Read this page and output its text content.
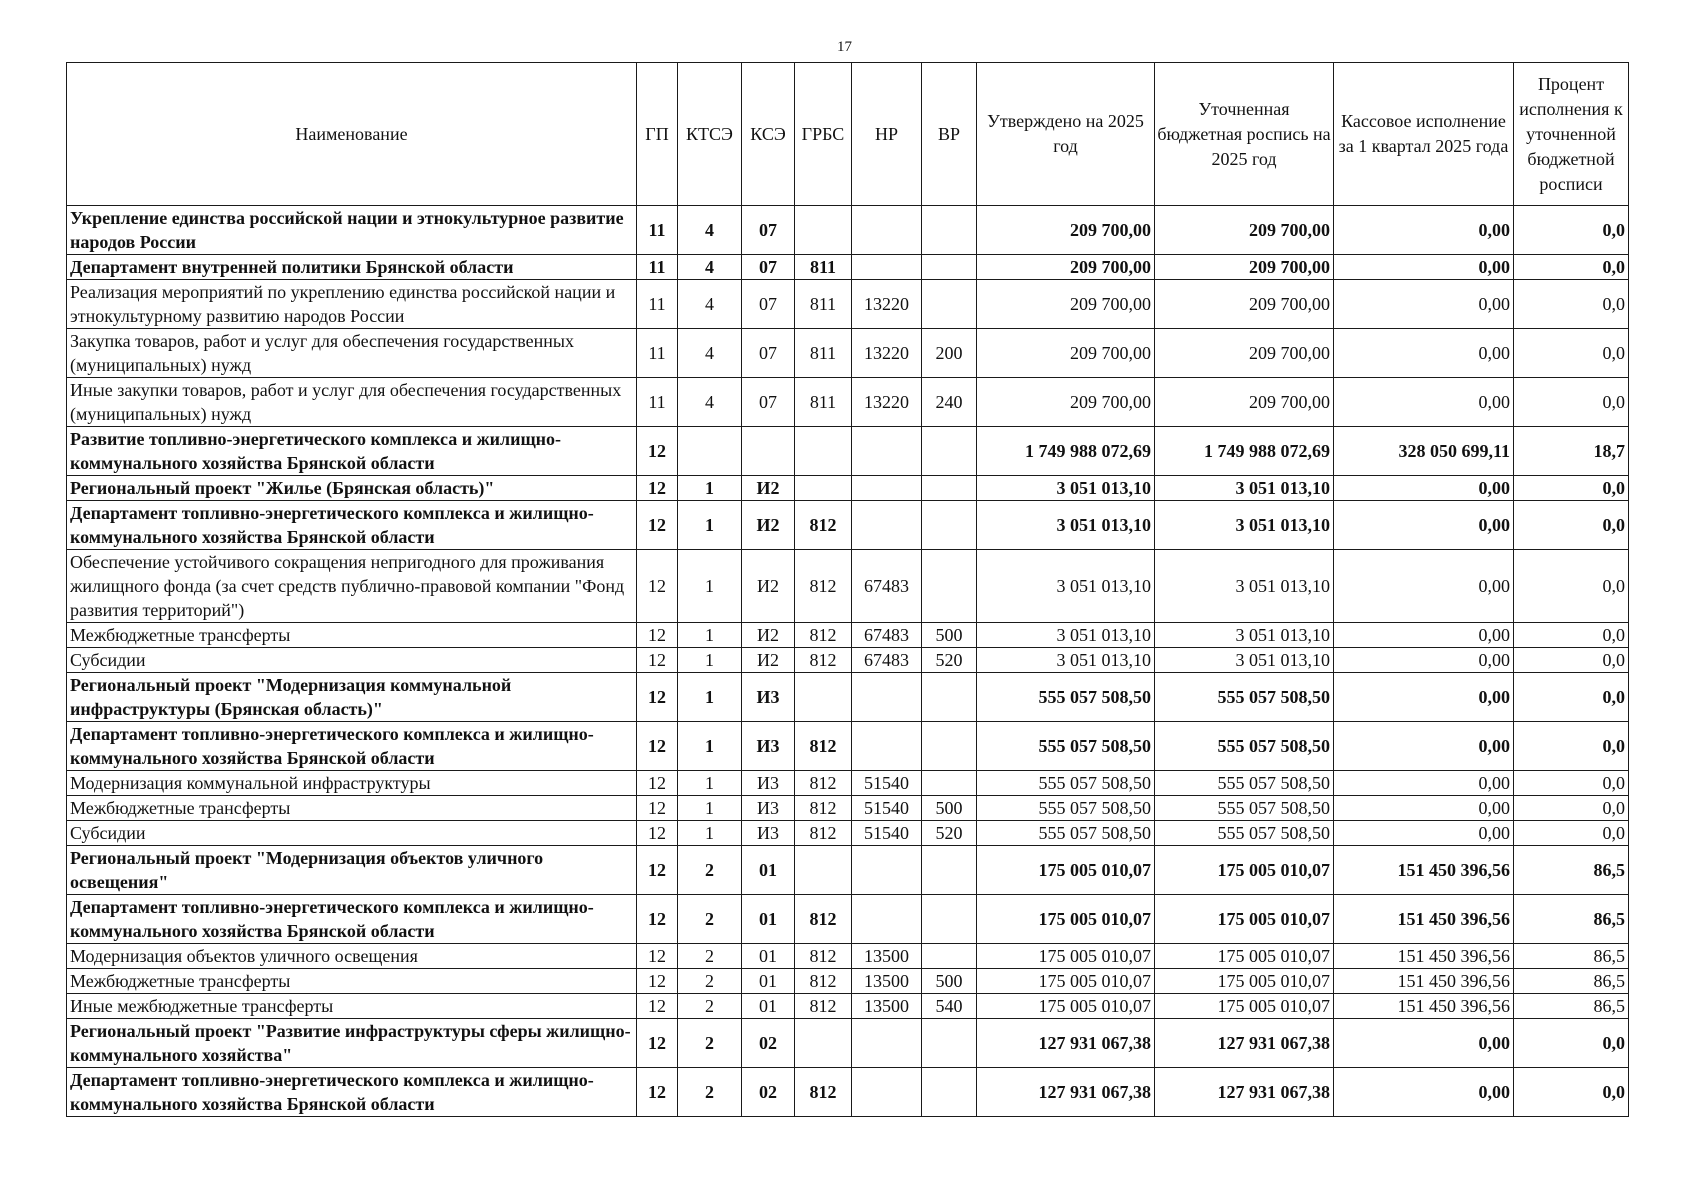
17
Наименование	ГП	КТСЭ	КСЭ	ГРБС	НР	ВР	Утверждено на 2025 год	Уточненная бюджетная роспись на 2025 год	Кассовое исполнение за 1 квартал 2025 года	Процент исполнения к уточненной бюджетной росписи
Укрепление единства российской нации и этнокультурное развитие народов России	11	4	07				209 700,00	209 700,00	0,00	0,0
Департамент внутренней политики Брянской области	11	4	07	811			209 700,00	209 700,00	0,00	0,0
Реализация мероприятий по укреплению единства российской нации и этнокультурному развитию народов России	11	4	07	811	13220		209 700,00	209 700,00	0,00	0,0
Закупка товаров, работ и услуг для обеспечения государственных (муниципальных) нужд	11	4	07	811	13220	200	209 700,00	209 700,00	0,00	0,0
Иные закупки товаров, работ и услуг для обеспечения государственных (муниципальных) нужд	11	4	07	811	13220	240	209 700,00	209 700,00	0,00	0,0
Развитие топливно-энергетического комплекса и жилищно-коммунального хозяйства Брянской области	12						1 749 988 072,69	1 749 988 072,69	328 050 699,11	18,7
Региональный проект "Жилье (Брянская область)"	12	1	И2				3 051 013,10	3 051 013,10	0,00	0,0
Департамент топливно-энергетического комплекса и жилищно-коммунального хозяйства Брянской области	12	1	И2	812			3 051 013,10	3 051 013,10	0,00	0,0
Обеспечение устойчивого сокращения непригодного для проживания жилищного фонда (за счет средств публично-правовой компании "Фонд развития территорий")	12	1	И2	812	67483		3 051 013,10	3 051 013,10	0,00	0,0
Межбюджетные трансферты	12	1	И2	812	67483	500	3 051 013,10	3 051 013,10	0,00	0,0
Субсидии	12	1	И2	812	67483	520	3 051 013,10	3 051 013,10	0,00	0,0
Региональный проект "Модернизация коммунальной инфраструктуры (Брянская область)"	12	1	И3				555 057 508,50	555 057 508,50	0,00	0,0
Департамент топливно-энергетического комплекса и жилищно-коммунального хозяйства Брянской области	12	1	И3	812			555 057 508,50	555 057 508,50	0,00	0,0
Модернизация коммунальной инфраструктуры	12	1	И3	812	51540		555 057 508,50	555 057 508,50	0,00	0,0
Межбюджетные трансферты	12	1	И3	812	51540	500	555 057 508,50	555 057 508,50	0,00	0,0
Субсидии	12	1	И3	812	51540	520	555 057 508,50	555 057 508,50	0,00	0,0
Региональный проект "Модернизация объектов уличного освещения"	12	2	01				175 005 010,07	175 005 010,07	151 450 396,56	86,5
Департамент топливно-энергетического комплекса и жилищно-коммунального хозяйства Брянской области	12	2	01	812			175 005 010,07	175 005 010,07	151 450 396,56	86,5
Модернизация объектов уличного освещения	12	2	01	812	13500		175 005 010,07	175 005 010,07	151 450 396,56	86,5
Межбюджетные трансферты	12	2	01	812	13500	500	175 005 010,07	175 005 010,07	151 450 396,56	86,5
Иные межбюджетные трансферты	12	2	01	812	13500	540	175 005 010,07	175 005 010,07	151 450 396,56	86,5
Региональный проект "Развитие инфраструктуры сферы жилищно-коммунального хозяйства"	12	2	02				127 931 067,38	127 931 067,38	0,00	0,0
Департамент топливно-энергетического комплекса и жилищно-коммунального хозяйства Брянской области	12	2	02	812			127 931 067,38	127 931 067,38	0,00	0,0
